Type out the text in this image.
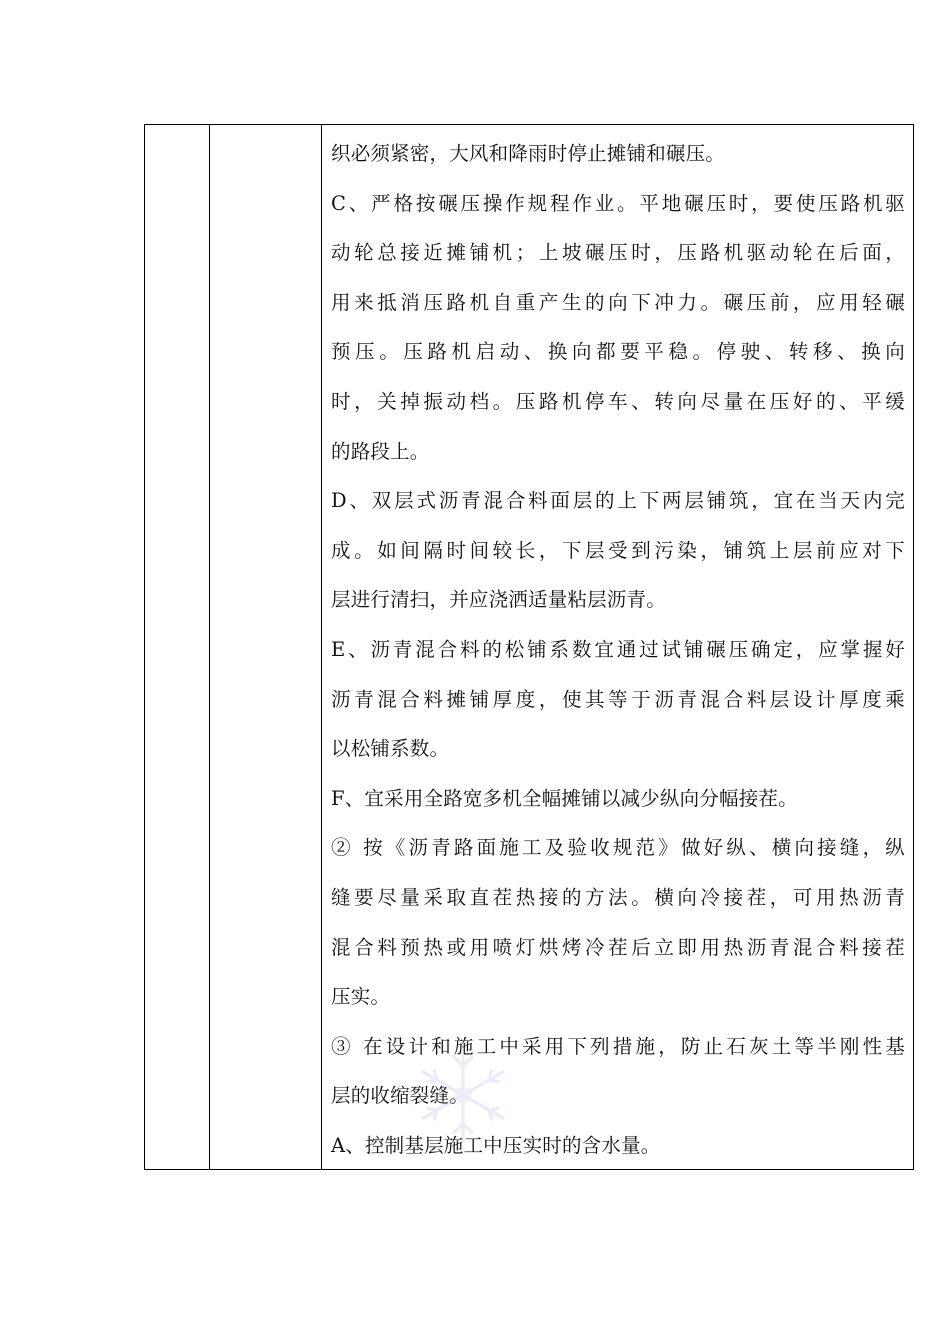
织必须紧密，大风和降雨时停止摊铺和碾压。
C、严格按碾压操作规程作业。平地碾压时，要使压路机驱
动轮总接近摊铺机；上坡碾压时，压路机驱动轮在后面，
用来抵消压路机自重产生的向下冲力。碾压前，应用轻碾
预压。压路机启动、换向都要平稳。停驶、转移、换向
时，关掉振动档。压路机停车、转向尽量在压好的、平缓
的路段上。
D、双层式沥青混合料面层的上下两层铺筑，宜在当天内完
成。如间隔时间较长，下层受到污染，铺筑上层前应对下
层进行清扫，并应浇洒适量粘层沥青。
E、沥青混合料的松铺系数宜通过试铺碾压确定，应掌握好
沥青混合料摊铺厚度，使其等于沥青混合料层设计厚度乘
以松铺系数。
F、宜采用全路宽多机全幅摊铺以减少纵向分幅接茬。
② 按《沥青路面施工及验收规范》做好纵、横向接缝，纵
缝要尽量采取直茬热接的方法。横向冷接茬，可用热沥青
混合料预热或用喷灯烘烤冷茬后立即用热沥青混合料接茬
压实。
③ 在设计和施工中采用下列措施，防止石灰土等半刚性基
层的收缩裂缝。
A、控制基层施工中压实时的含水量。
